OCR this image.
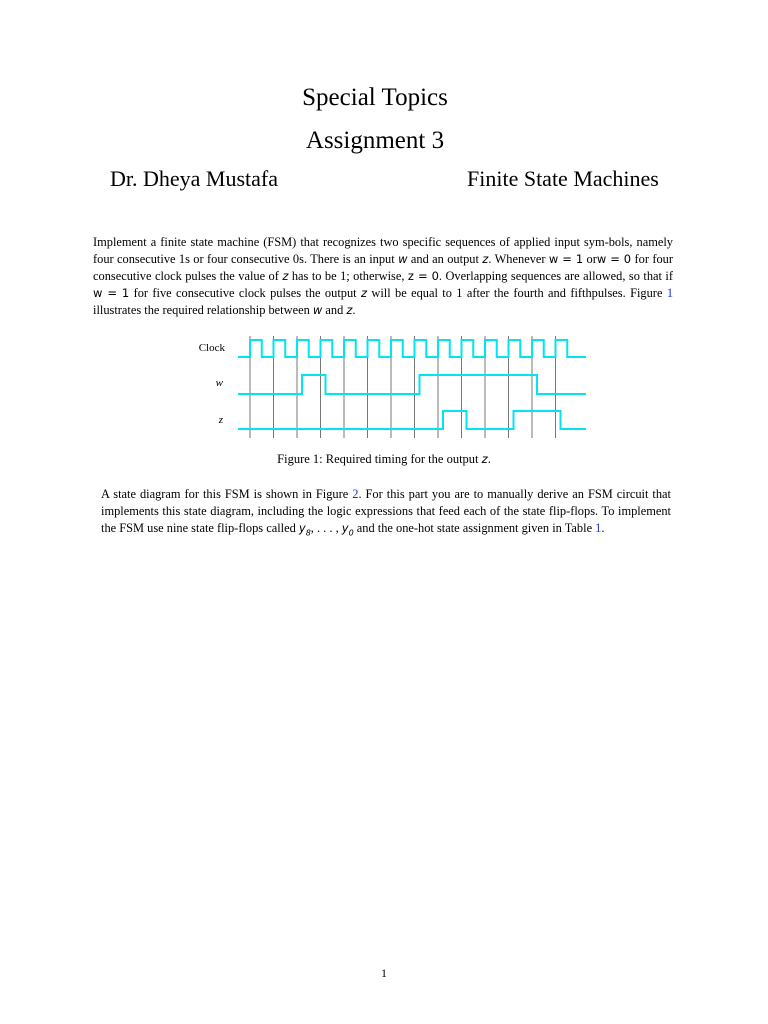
Special Topics
Assignment 3
Dr. Dheya Mustafa	Finite State Machines
Implement a finite state machine (FSM) that recognizes two specific sequences of applied input sym-bols, namely four consecutive 1s or four consecutive 0s. There is an input w and an output z. Whenever w = 1 orw = 0 for four consecutive clock pulses the value of z has to be 1; otherwise, z = 0. Overlapping sequences are allowed, so that if w = 1 for five consecutive clock pulses the output z will be equal to 1 after the fourth and fifthpulses. Figure 1 illustrates the required relationship between w and z.
Clock
w
z
Figure 1: Required timing for the output z.
A state diagram for this FSM is shown in Figure 2. For this part you are to manually derive an FSM circuit that implements this state diagram, including the logic expressions that feed each of the state flip-flops. To implement the FSM use nine state flip-flops called $y_8$, . . . , $y_0$ and the one-hot state assignment given in Table 1.
1
